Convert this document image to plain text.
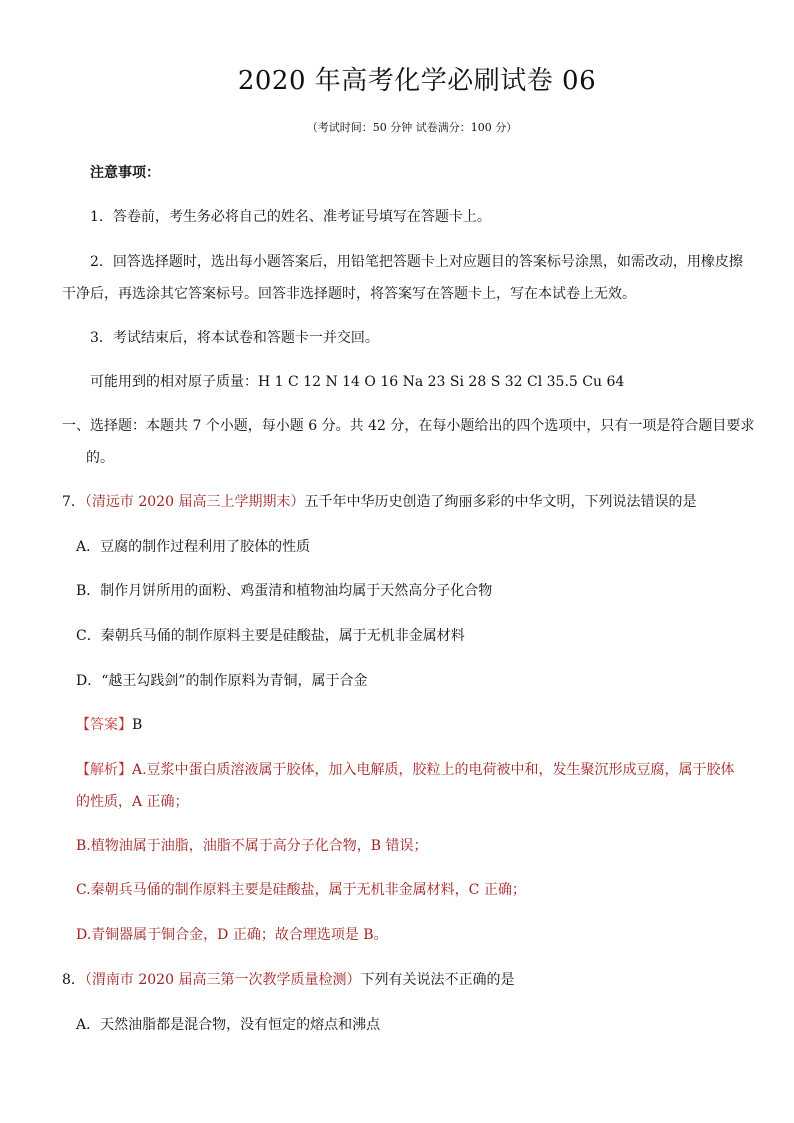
2020 年高考化学必刷试卷 06
（考试时间：50 分钟 试卷满分：100 分）
注意事项：
1．答卷前，考生务必将自己的姓名、准考证号填写在答题卡上。
2．回答选择题时，选出每小题答案后，用铅笔把答题卡上对应题目的答案标号涂黑，如需改动，用橡皮擦
干净后，再选涂其它答案标号。回答非选择题时，将答案写在答题卡上，写在本试卷上无效。
3．考试结束后，将本试卷和答题卡一并交回。
可能用到的相对原子质量：H 1 C 12 N 14 O 16 Na 23 Si 28 S 32 Cl 35.5 Cu 64
一、选择题：本题共 7 个小题，每小题 6 分。共 42 分，在每小题给出的四个选项中，只有一项是符合题目要求
的。
7．（清远市 2020 届高三上学期期末）五千年中华历史创造了绚丽多彩的中华文明，下列说法错误的是
A．豆腐的制作过程利用了胶体的性质
B．制作月饼所用的面粉、鸡蛋清和植物油均属于天然高分子化合物
C．秦朝兵马俑的制作原料主要是硅酸盐，属于无机非金属材料
D．“越王勾践剑”的制作原料为青铜，属于合金
【答案】B
【解析】A.豆浆中蛋白质溶液属于胶体，加入电解质，胶粒上的电荷被中和，发生聚沉形成豆腐，属于胶体
的性质，A 正确；
B.植物油属于油脂，油脂不属于高分子化合物，B 错误；
C.秦朝兵马俑的制作原料主要是硅酸盐，属于无机非金属材料，C 正确；
D.青铜器属于铜合金，D 正确；故合理选项是 B。
8．（渭南市 2020 届高三第一次教学质量检测）下列有关说法不正确的是
A．天然油脂都是混合物，没有恒定的熔点和沸点
